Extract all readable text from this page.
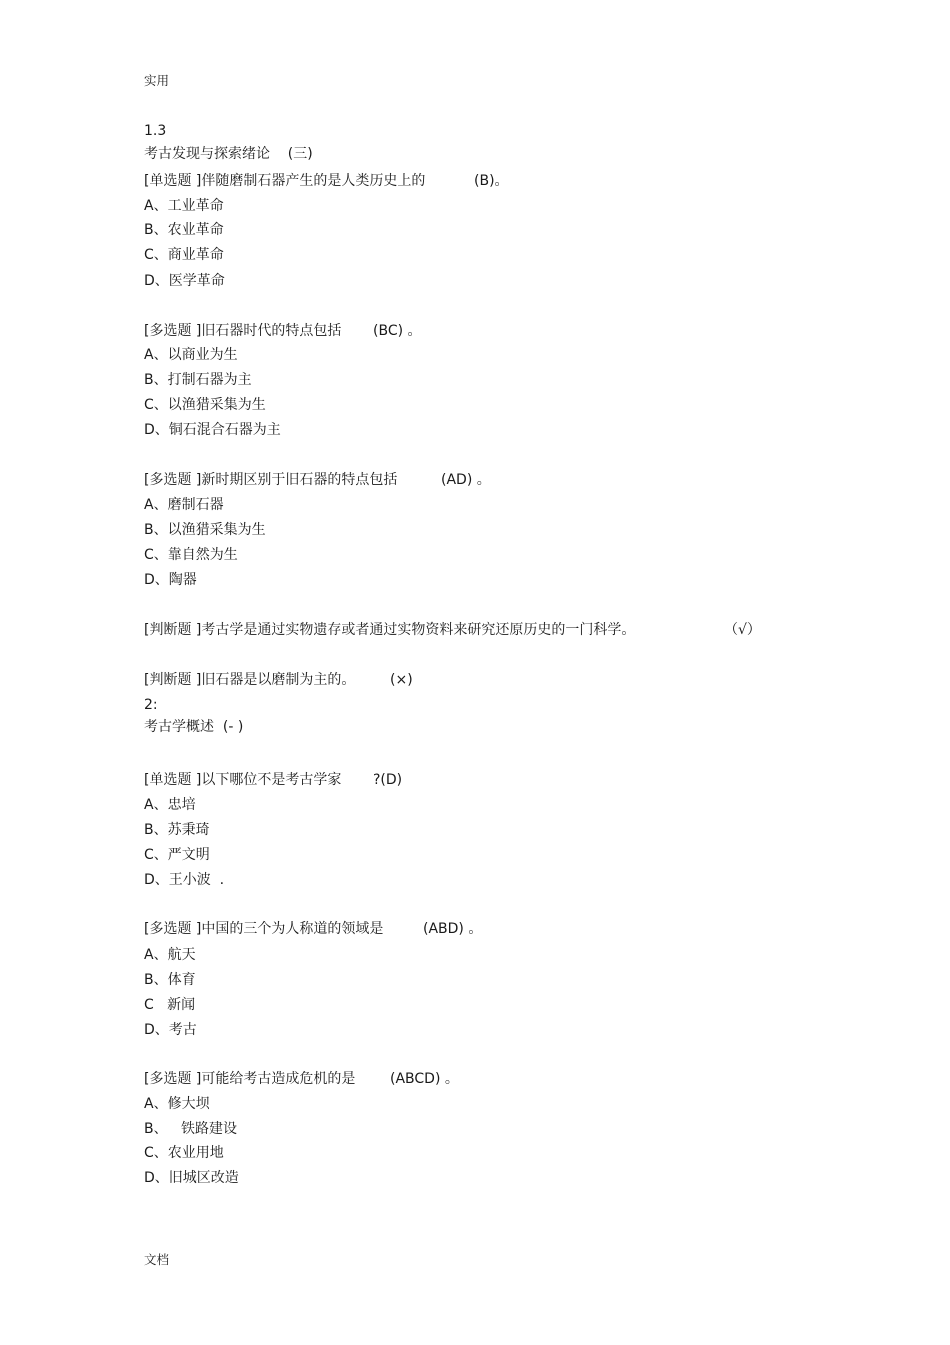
实用
1.3
考古发现与探索绪论    (三)
[单选题 ]伴随磨制石器产生的是人类历史上的	(B)。
A、工业革命
B、农业革命
C、商业革命
D、医学革命
[多选题 ]旧石器时代的特点包括 (BC) 。
A、以商业为生
B、打制石器为主
C、以渔猎采集为生
D、铜石混合石器为主
[多选题 ]新时期区别于旧石器的特点包括	(AD) 。
A、磨制石器
B、以渔猎采集为生
C、靠自然为生
D、陶器
[判断题 ]考古学是通过实物遗存或者通过实物资料来研究还原历史的一门科学。	（√）
[判断题 ]旧石器是以磨制为主的。 (×)
2:
考古学概述  (- )
[单选题 ]以下哪位不是考古学家 ?(D)
A、忠培
B、苏秉琦
C、严文明
D、王小波  .
[多选题 ]中国的三个为人称道的领域是	(ABD) 。
A、航天
B、体育
C   新闻
D、考古
[多选题 ]可能给考古造成危机的是 (ABCD) 。
A、修大坝
B、   铁路建设
C、农业用地
D、旧城区改造
文档
